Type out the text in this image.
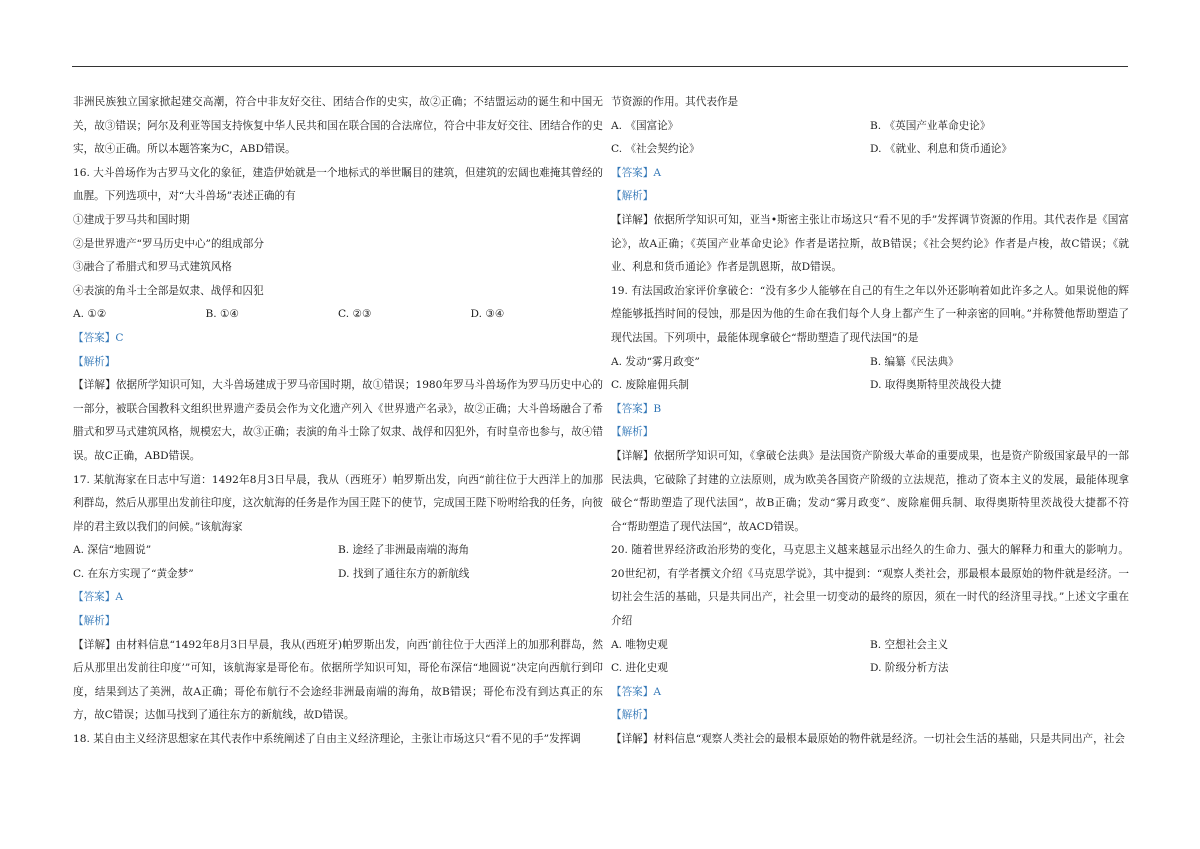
非洲民族独立国家掀起建交高潮，符合中非友好交往、团结合作的史实，故②正确；不结盟运动的诞生和中国无关，故③错误；阿尔及利亚等国支持恢复中华人民共和国在联合国的合法席位，符合中非友好交往、团结合作的史实，故④正确。所以本题答案为C，ABD错误。

16. 大斗兽场作为古罗马文化的象征，建造伊始就是一个地标式的举世瞩目的建筑，但建筑的宏阔也难掩其曾经的血腥。下列选项中，对“大斗兽场”表述正确的有

①建成于罗马共和国时期

②是世界遗产“罗马历史中心”的组成部分

③融合了希腊式和罗马式建筑风格

④表演的角斗士全部是奴隶、战俘和囚犯

A. ①②	B. ①④	C. ②③	D. ③④

【答案】C

【解析】

【详解】依据所学知识可知，大斗兽场建成于罗马帝国时期，故①错误；1980年罗马斗兽场作为罗马历史中心的一部分，被联合国教科文组织世界遗产委员会作为文化遗产列入《世界遗产名录》，故②正确；大斗兽场融合了希腊式和罗马式建筑风格，规模宏大，故③正确；表演的角斗士除了奴隶、战俘和囚犯外，有时皇帝也参与，故④错误。故C正确，ABD错误。

17. 某航海家在日志中写道：1492年8月3日早晨，我从（西班牙）帕罗斯出发，向西“前往位于大西洋上的加那利群岛，然后从那里出发前往印度，这次航海的任务是作为国王陛下的使节，完成国王陛下吩咐给我的任务，向彼岸的君主致以我们的问候。”该航海家

A. 深信“地圆说”	B. 途经了非洲最南端的海角
C. 在东方实现了“黄金梦”	D. 找到了通往东方的新航线

【答案】A

【解析】

【详解】由材料信息“1492年8月3日早晨，我从(西班牙)帕罗斯出发，向西‘前往位于大西洋上的加那利群岛，然后从那里出发前往印度’”可知，该航海家是哥伦布。依据所学知识可知，哥伦布深信“地圆说”决定向西航行到印度，结果到达了美洲，故A正确；哥伦布航行不会途经非洲最南端的海角，故B错误；哥伦布没有到达真正的东方，故C错误；达伽马找到了通往东方的新航线，故D错误。

18. 某自由主义经济思想家在其代表作中系统阐述了自由主义经济理论，主张让市场这只“看不见的手”发挥调

节资源的作用。其代表作是

A. 《国富论》	B. 《英国产业革命史论》
C. 《社会契约论》	D. 《就业、利息和货币通论》

【答案】A

【解析】

【详解】依据所学知识可知，亚当•斯密主张让市场这只“看不见的手”发挥调节资源的作用。其代表作是《国富论》，故A正确；《英国产业革命史论》作者是诺拉斯，故B错误；《社会契约论》作者是卢梭，故C错误；《就业、利息和货币通论》作者是凯恩斯，故D错误。

19. 有法国政治家评价拿破仑：“没有多少人能够在自己的有生之年以外还影响着如此许多之人。如果说他的辉煌能够抵挡时间的侵蚀，那是因为他的生命在我们每个人身上都产生了一种亲密的回响。”并称赞他帮助塑造了现代法国。下列项中，最能体现拿破仑“帮助塑造了现代法国”的是

A. 发动“雾月政变”	B. 编纂《民法典》
C. 废除雇佣兵制	D. 取得奥斯特里茨战役大捷

【答案】B

【解析】

【详解】依据所学知识可知，《拿破仑法典》是法国资产阶级大革命的重要成果，也是资产阶级国家最早的一部民法典，它破除了封建的立法原则，成为欧美各国资产阶级的立法规范，推动了资本主义的发展，最能体现拿破仑“帮助塑造了现代法国”，故B正确；发动“雾月政变”、废除雇佣兵制、取得奥斯特里茨战役大捷都不符合“帮助塑造了现代法国”，故ACD错误。

20. 随着世界经济政治形势的变化，马克思主义越来越显示出经久的生命力、强大的解释力和重大的影响力。20世纪初，有学者撰文介绍《马克思学说》，其中提到：“观察人类社会，那最根本最原始的物件就是经济。一切社会生活的基础，只是共同出产，社会里一切变动的最终的原因，须在一时代的经济里寻找。”上述文字重在介绍

A. 唯物史观	B. 空想社会主义
C. 进化史观	D. 阶级分析方法

【答案】A

【解析】

【详解】材料信息“观察人类社会的最根本最原始的物件就是经济。一切社会生活的基础，只是共同出产，社会
